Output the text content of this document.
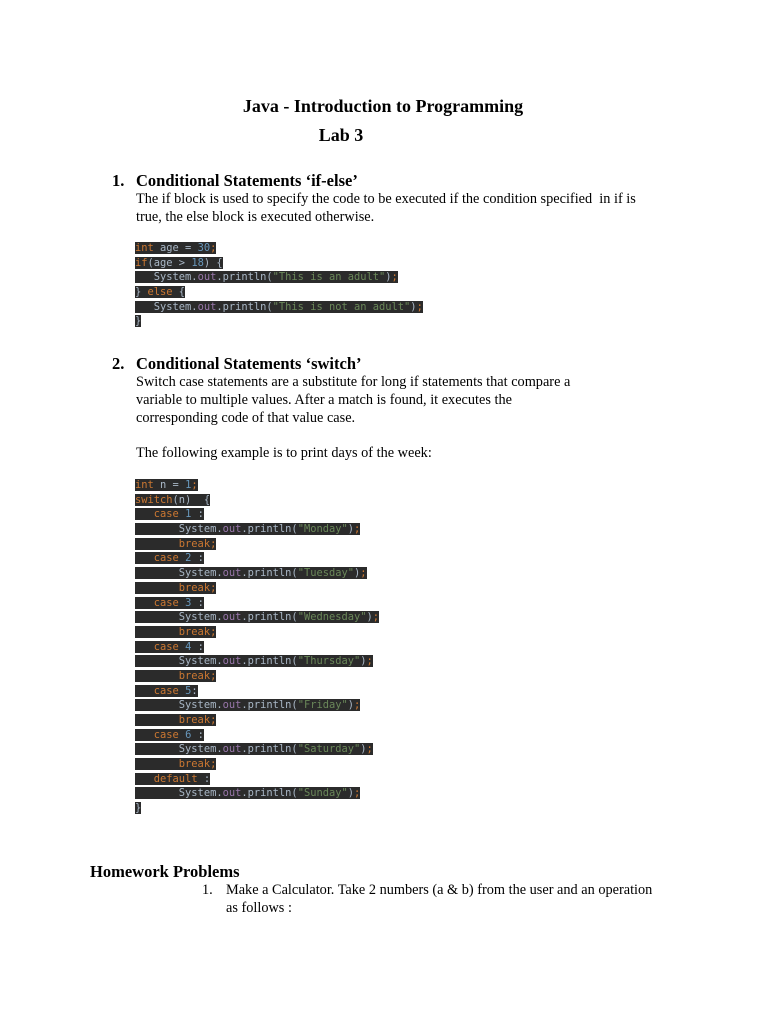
Java - Introduction to Programming
Lab 3
1. Conditional Statements ‘if-else’

The if block is used to specify the code to be executed if the condition specified  in if is
true, the else block is executed otherwise.

int age = 30;
if(age > 18) {
System.out.println("This is an adult");
} else {
System.out.println("This is not an adult");
}
2. Conditional Statements ‘switch’

Switch case statements are a substitute for long if statements that compare a
variable to multiple values. After a match is found, it executes the
corresponding code of that value case.

The following example is to print days of the week:

int n = 1;
switch(n)  {
case 1 :
System.out.println("Monday");
break;
case 2 :
System.out.println("Tuesday");
break;
case 3 :
System.out.println("Wednesday");
break;
case 4 :
System.out.println("Thursday");
break;
case 5:
System.out.println("Friday");
break;
case 6 :
System.out.println("Saturday");
break;
default :
System.out.println("Sunday");
}
Homework Problems
1. Make a Calculator. Take 2 numbers (a & b) from the user and an operation
as follows :
